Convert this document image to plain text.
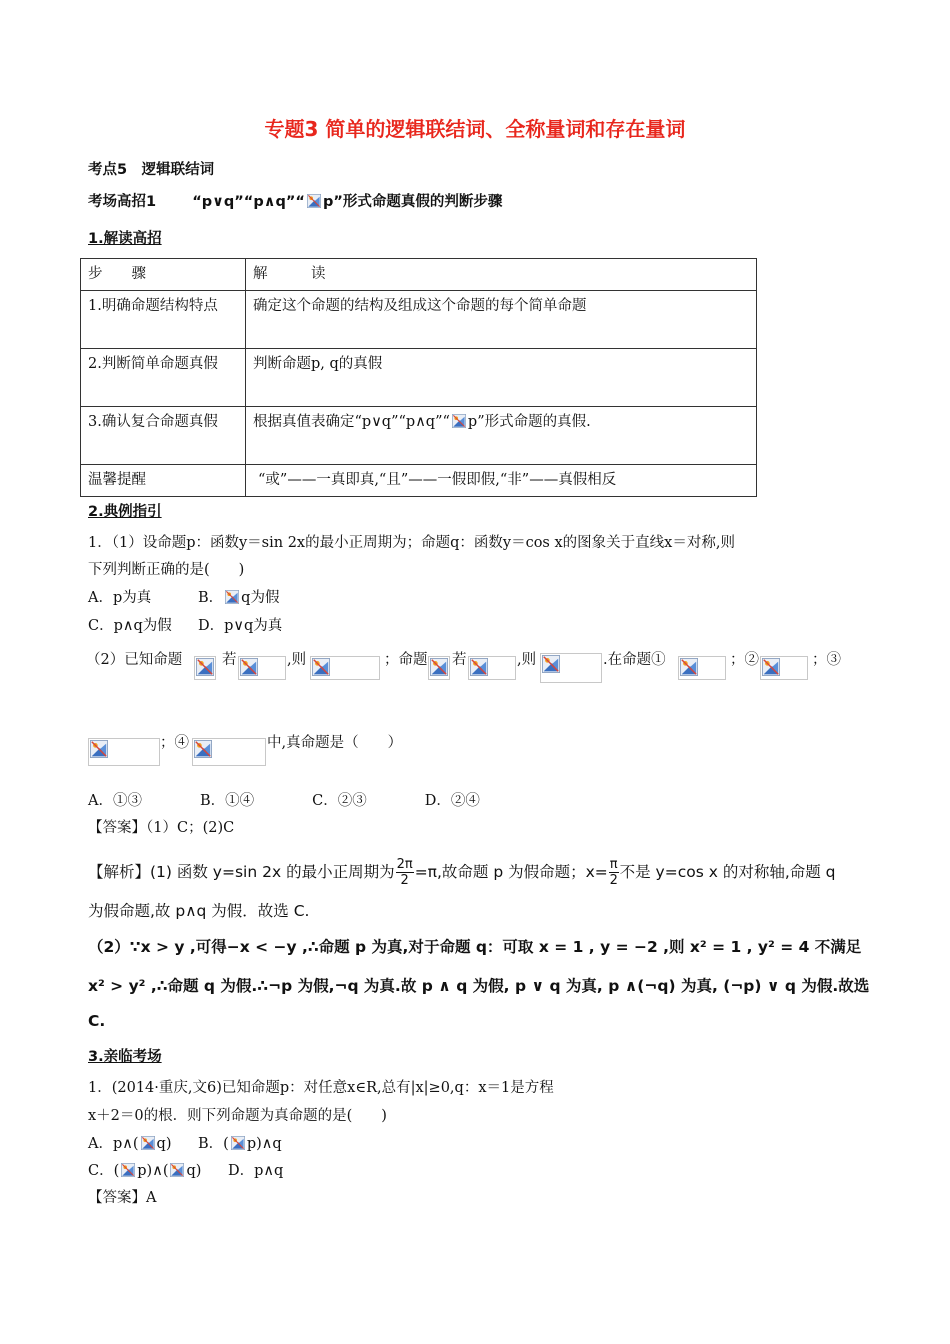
专题3 简单的逻辑联结词、全称量词和存在量词
考点5　逻辑联结词
考场高招1 “p∨q”“p∧q”“ p”形式命题真假的判断步骤
1.解读高招
步　　骤	解　　　读
1.明确命题结构特点	确定这个命题的结构及组成这个命题的每个简单命题
2.判断简单命题真假	判断命题p, q的真假
3.确认复合命题真假	根据真值表确定“p∨q”“p∧q”“ p”形式命题的真假.
温馨提醒	“或”——一真即真,“且”——一假即假,“非”——真假相反
2.典例指引
1．（1）设命题p：函数y＝sin 2x的最小正周期为；命题q：函数y＝cos x的图象关于直线x＝对称,则
下列判断正确的是(　　)
A．p为真	B． q为假
C．p∧q为假 D．p∨q为真
（2）已知命题	若	,则	；命题 若	,则	.在命题①	；②	；③
；④	中,真命题是（　　）
A．①③　　　　B．①④　　　　C．②③　　　　D．②④
【答案】（1）C；(2)C
【解析】(1) 函数 y=sin 2x 的最小正周期为 $\frac{2\pi}{2} =\pi$,故命题 p 为假命题；$x= \frac{\pi}{2}$ 不是 y=cos x 的对称轴,命题 q
为假命题,故 p∧q 为假．故选 C.
（2）∵x > y ,可得−x < −y ,∴命题 p 为真,对于命题 q：可取 x = 1 , y = −2 ,则 x² = 1 , y² = 4 不满足
x² > y² ,∴命题 q 为假.∴¬p 为假,¬q 为真.故 p ∧ q 为假, p ∨ q 为真, p ∧(¬q) 为真, (¬p) ∨ q 为假.故选
C.
3.亲临考场
1．(2014·重庆,文6)已知命题p：对任意x∈R,总有|x|≥0,q：x＝1是方程
x＋2＝0的根．则下列命题为真命题的是(　　)
A．p∧( q) B．( p)∧q
C．( p)∧( q) D．p∧q
【答案】A
